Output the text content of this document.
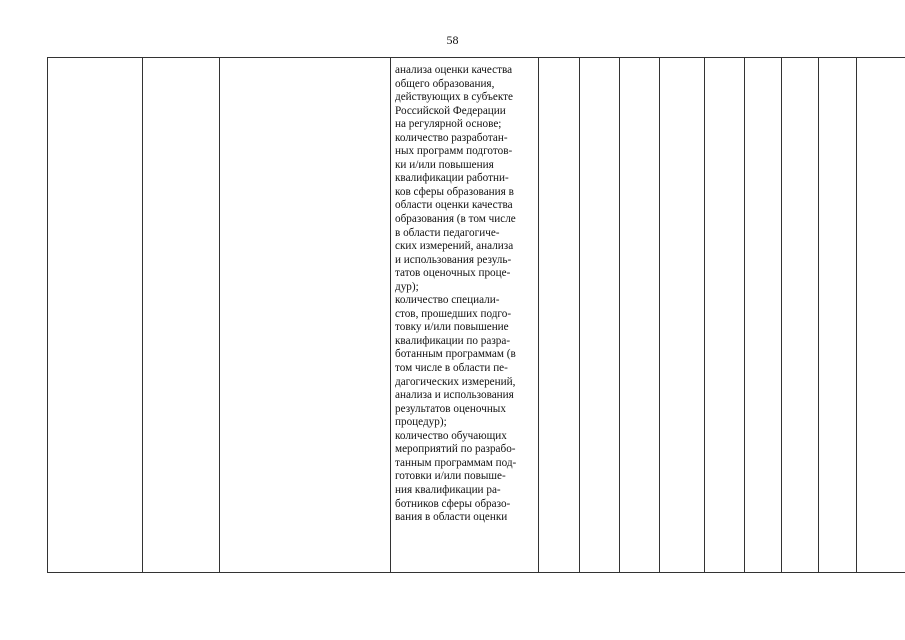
58
			анализа оценки качества
общего образования,
действующих в субъекте
Российской Федерации
на регулярной основе;
количество разработан-
ных программ подготов-
ки и/или повышения
квалификации работни-
ков сферы образования в
области оценки качества
образования (в том числе
в области педагогиче-
ских измерений, анализа
и использования резуль-
татов оценочных проце-
дур);
количество специали-
стов, прошедших подго-
товку и/или повышение
квалификации по разра-
ботанным программам (в
том числе в области пе-
дагогических измерений,
анализа и использования
результатов оценочных
процедур);
количество обучающих
мероприятий по разрабо-
танным программам под-
готовки и/или повыше-
ния квалификации ра-
ботников сферы образо-
вания в области оценки									
